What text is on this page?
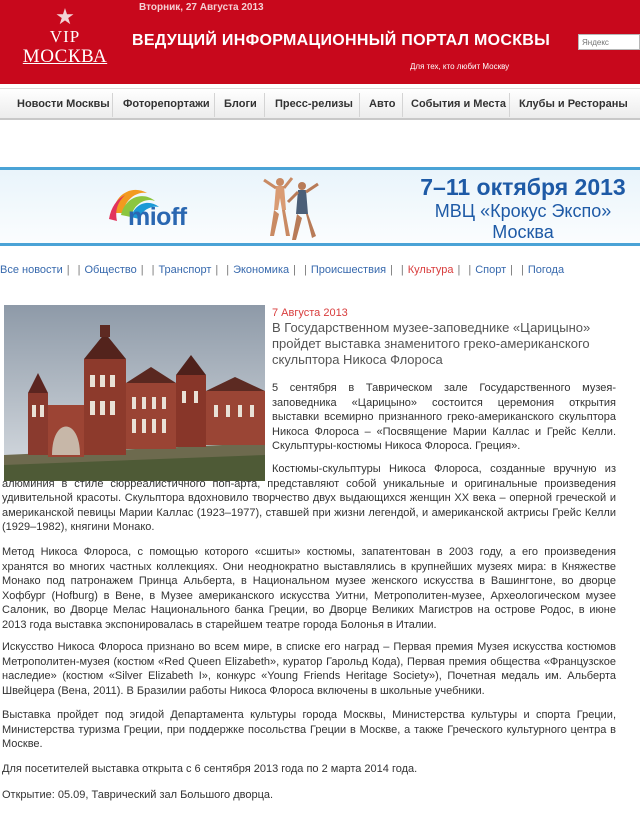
★
VIP
МОСКВА
Вторник, 27 Августа 2013
ВЕДУЩИЙ ИНФОРМАЦИОННЫЙ ПОРТАЛ МОСКВЫ
Для тех, кто любит Москву
Яндекс
Новости Москвы Фоторепортажи Блоги Пресс-релизы Авто События и Места Клубы и Рестораны
mioff
7–11 октября 2013
МВЦ «Крокус Экспо»
Москва
Все новости | | Общество | | Транспорт | | Экономика | | Происшествия | | Культура | | Спорт | | Погода
7 Августа 2013
В Государственном музее-заповеднике «Царицыно» пройдет выставка знаменитого греко-американского скульптора Никоса Флороса

5 сентября в Таврическом зале Государственного музея-заповедника «Царицыно» состоится церемония открытия выставки всемирно признанного греко-американского скульптора Никоса Флороса – «Посвящение Марии Каллас и Грейс Келли. Скульптуры-костюмы Никоса Флороса. Греция».

Костюмы-скульптуры Никоса Флороса, созданные вручную из алюминия в стиле сюрреалистичного поп-арта, представляют собой уникальные и оригинальные произведения удивительной красоты. Скульптора вдохновило творчество двух выдающихся женщин XX века – оперной греческой и американской певицы Марии Каллас (1923–1977), ставшей при жизни легендой, и американской актрисы Грейс Келли (1929–1982), княгини Монако.

Метод Никоса Флороса, с помощью которого «сшиты» костюмы, запатентован в 2003 году, а его произведения хранятся во многих частных коллекциях. Они неоднократно выставлялись в крупнейших музеях мира: в Княжестве Монако под патронажем Принца Альберта, в Национальном музее женского искусства в Вашингтоне, во дворце Хофбург (Hofburg) в Вене, в Музее американского искусства Уитни, Метрополитен-музее, Археологическом музее Салоник, во Дворце Мелас Национального банка Греции, во Дворце Великих Магистров на острове Родос, в июне 2013 года выставка экспонировалась в старейшем театре города Болонья в Италии.

Искусство Никоса Флороса признано во всем мире, в списке его наград – Первая премия Музея искусства костюмов Метрополитен-музея (костюм «Red Queen Elizabeth», куратор Гарольд Кода), Первая премия общества «Французское наследие» (костюм «Silver Elizabeth I», конкурс «Young Friends Heritage Society»), Почетная медаль им. Альберта Швейцера (Вена, 2011). В Бразилии работы Никоса Флороса включены в школьные учебники.

Выставка пройдет под эгидой Департамента культуры города Москвы, Министерства культуры и спорта Греции, Министерства туризма Греции, при поддержке посольства Греции в Москве, а также Греческого культурного центра в Москве.

Для посетителей выставка открыта с 6 сентября 2013 года по 2 марта 2014 года.

Открытие: 05.09, Таврический зал Большого дворца.
